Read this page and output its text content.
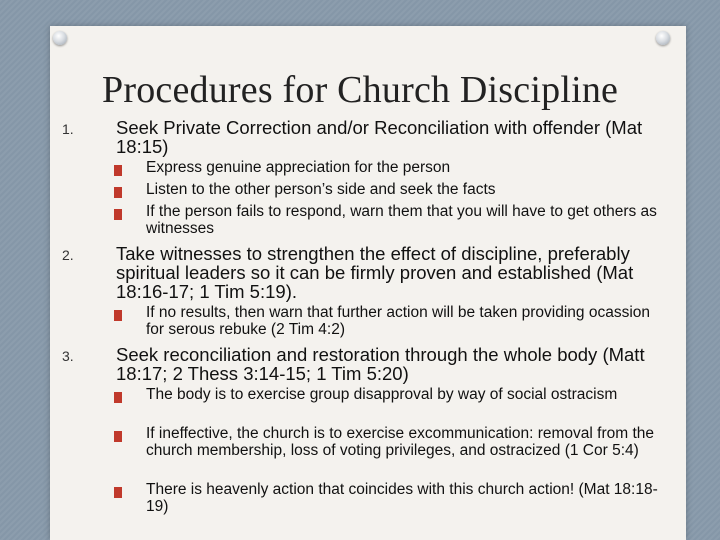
Procedures for Church Discipline
1. Seek Private Correction and/or Reconciliation with offender (Mat 18:15)
Express genuine appreciation for the person
Listen to the other person’s side and seek the facts
If the person fails to respond, warn them that you will have to get others as witnesses
2. Take witnesses to strengthen the effect of discipline, preferably spiritual leaders so it can be firmly proven and established (Mat 18:16-17; 1 Tim 5:19).
If no results, then warn that further action will be taken providing ocassion for serous rebuke (2 Tim 4:2)
3. Seek reconciliation and restoration through the whole body (Matt 18:17; 2 Thess 3:14-15; 1 Tim 5:20)
The body is to exercise group disapproval by way of social ostracism
If ineffective, the church is to exercise excommunication: removal from the church membership, loss of voting privileges, and ostracized (1 Cor 5:4)
There is heavenly action that coincides with this church action! (Mat 18:18-19)
